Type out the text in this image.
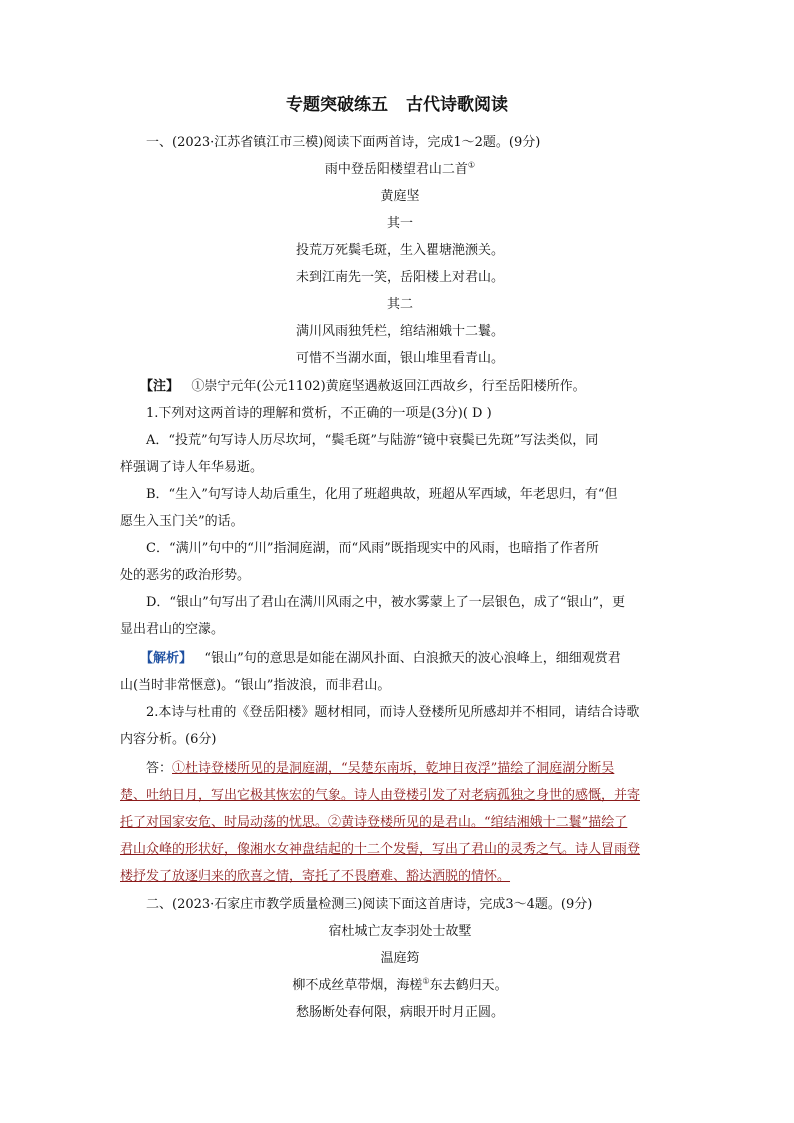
专题突破练五 古代诗歌阅读
一、(2023·江苏省镇江市三模)阅读下面两首诗，完成1～2题。(9分)
雨中登岳阳楼望君山二首①
黄庭坚
其一
投荒万死鬓毛斑，生入瞿塘滟滪关。
未到江南先一笑，岳阳楼上对君山。
其二
满川风雨独凭栏，绾结湘娥十二鬟。
可惜不当湖水面，银山堆里看青山。
【注】 ①崇宁元年(公元1102)黄庭坚遇赦返回江西故乡，行至岳阳楼所作。
1.下列对这两首诗的理解和赏析，不正确的一项是(3分)( D )
A．“投荒”句写诗人历尽坎坷，“鬓毛斑”与陆游“镜中衰鬓已先斑”写法类似，同
样强调了诗人年华易逝。
B．“生入”句写诗人劫后重生，化用了班超典故，班超从军西域，年老思归，有“但
愿生入玉门关”的话。
C．“满川”句中的“川”指洞庭湖，而“风雨”既指现实中的风雨，也暗指了作者所
处的恶劣的政治形势。
D．“银山”句写出了君山在满川风雨之中，被水雾蒙上了一层银色，成了“银山”，更
显出君山的空濛。
【解析】 “银山”句的意思是如能在湖风扑面、白浪掀天的波心浪峰上，细细观赏君
山(当时非常惬意)。“银山”指波浪，而非君山。
2.本诗与杜甫的《登岳阳楼》题材相同，而诗人登楼所见所感却并不相同，请结合诗歌
内容分析。(6分)
答：①杜诗登楼所见的是洞庭湖，“吴楚东南坼，乾坤日夜浮”描绘了洞庭湖分断吴
楚、吐纳日月，写出它极其恢宏的气象。诗人由登楼引发了对老病孤独之身世的感慨，并寄
托了对国家安危、时局动荡的忧思。②黄诗登楼所见的是君山。“绾结湘娥十二鬟”描绘了
君山众峰的形状好，像湘水女神盘结起的十二个发髻，写出了君山的灵秀之气。诗人冒雨登
楼抒发了放逐归来的欣喜之情，寄托了不畏磨难、豁达洒脱的情怀。
二、(2023·石家庄市教学质量检测三)阅读下面这首唐诗，完成3～4题。(9分)
宿杜城亡友李羽处士故墅
温庭筠
柳不成丝草带烟，海槎①东去鹤归天。
愁肠断处春何限，病眼开时月正圆。
